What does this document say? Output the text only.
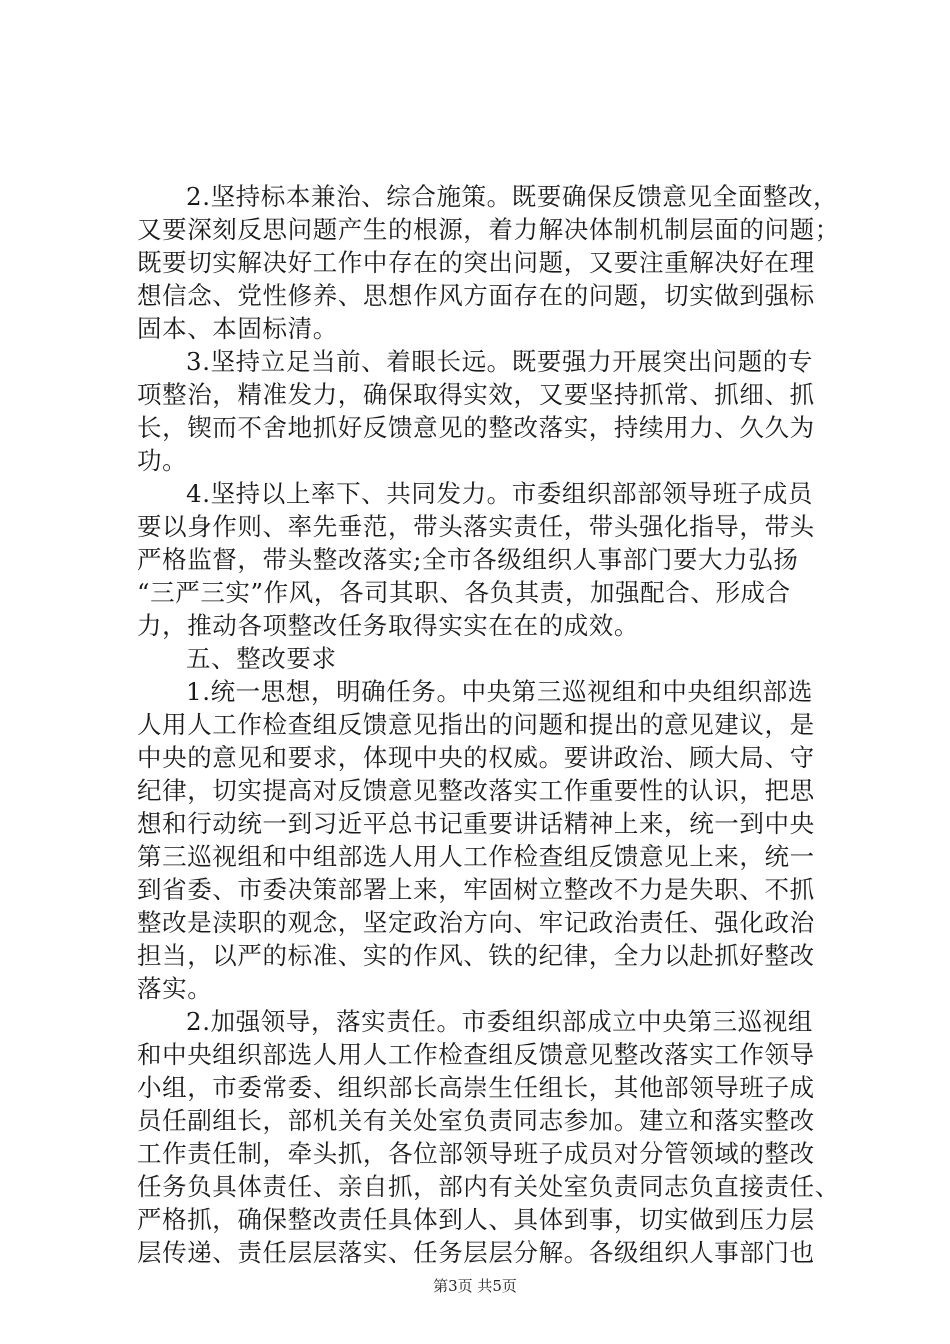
2.坚持标本兼治、综合施策。既要确保反馈意见全面整改，
又要深刻反思问题产生的根源，着力解决体制机制层面的问题；
既要切实解决好工作中存在的突出问题，又要注重解决好在理
想信念、党性修养、思想作风方面存在的问题，切实做到强标
固本、本固标清。
3.坚持立足当前、着眼长远。既要强力开展突出问题的专
项整治，精准发力，确保取得实效，又要坚持抓常、抓细、抓
长，锲而不舍地抓好反馈意见的整改落实，持续用力、久久为
功。
4.坚持以上率下、共同发力。市委组织部部领导班子成员
要以身作则、率先垂范，带头落实责任，带头强化指导，带头
严格监督，带头整改落实;全市各级组织人事部门要大力弘扬
“三严三实”作风，各司其职、各负其责，加强配合、形成合
力，推动各项整改任务取得实实在在的成效。
五、整改要求
1.统一思想，明确任务。中央第三巡视组和中央组织部选
人用人工作检查组反馈意见指出的问题和提出的意见建议，是
中央的意见和要求，体现中央的权威。要讲政治、顾大局、守
纪律，切实提高对反馈意见整改落实工作重要性的认识，把思
想和行动统一到习近平总书记重要讲话精神上来，统一到中央
第三巡视组和中组部选人用人工作检查组反馈意见上来，统一
到省委、市委决策部署上来，牢固树立整改不力是失职、不抓
整改是渎职的观念，坚定政治方向、牢记政治责任、强化政治
担当，以严的标准、实的作风、铁的纪律，全力以赴抓好整改
落实。
2.加强领导，落实责任。市委组织部成立中央第三巡视组
和中央组织部选人用人工作检查组反馈意见整改落实工作领导
小组，市委常委、组织部长高崇生任组长，其他部领导班子成
员任副组长，部机关有关处室负责同志参加。建立和落实整改
工作责任制，牵头抓，各位部领导班子成员对分管领域的整改
任务负具体责任、亲自抓，部内有关处室负责同志负直接责任、
严格抓，确保整改责任具体到人、具体到事，切实做到压力层
层传递、责任层层落实、任务层层分解。各级组织人事部门也
第3页 共5页
